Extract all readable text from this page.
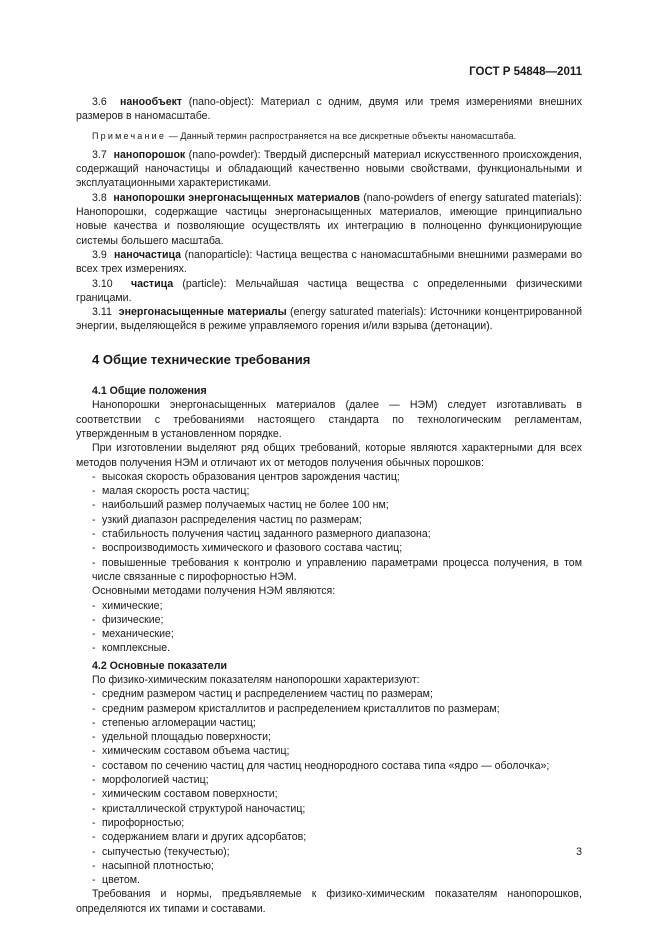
ГОСТ Р 54848—2011

3.6 нанообъект (nano-object): Материал с одним, двумя или тремя измерениями внешних размеров в наномасштабе.

Примечание — Данный термин распространяется на все дискретные объекты наномасштаба.

3.7 нанопорошок (nano-powder): Твердый дисперсный материал искусственного происхождения, содержащий наночастицы и обладающий качественно новыми свойствами, функциональными и эксплуатационными характеристиками.

3.8 нанопорошки энергонасыщенных материалов (nano-powders of energy saturated materials): Нанопорошки, содержащие частицы энергонасыщенных материалов, имеющие принципиально новые качества и позволяющие осуществлять их интеграцию в полноценно функционирующие системы большего масштаба.

3.9 наночастица (nanoparticle): Частица вещества с наномасштабными внешними размерами во всех трех измерениях.

3.10 частица (particle): Мельчайшая частица вещества с определенными физическими границами.

3.11 энергонасыщенные материалы (energy saturated materials): Источники концентрированной энергии, выделяющейся в режиме управляемого горения и/или взрыва (детонации).

4 Общие технические требования
4.1 Общие положения

Нанопорошки энергонасыщенных материалов (далее — НЭМ) следует изготавливать в соответствии с требованиями настоящего стандарта по технологическим регламентам, утвержденным в установленном порядке.

При изготовлении выделяют ряд общих требований, которые являются характерными для всех методов получения НЭМ и отличают их от методов получения обычных порошков:

- высокая скорость образования центров зарождения частиц;
- малая скорость роста частиц;
- наибольший размер получаемых частиц не более 100 нм;
- узкий диапазон распределения частиц по размерам;
- стабильность получения частиц заданного размерного диапазона;
- воспроизводимость химического и фазового состава частиц;
- повышенные требования к контролю и управлению параметрами процесса получения, в том числе связанные с пирофорностью НЭМ.

Основными методами получения НЭМ являются:

- химические;
- физические;
- механические;
- комплексные.
4.2 Основные показатели

По физико-химическим показателям нанопорошки характеризуют:

- средним размером частиц и распределением частиц по размерам;
- средним размером кристаллитов и распределением кристаллитов по размерам;
- степенью агломерации частиц;
- удельной площадью поверхности;
- химическим составом объема частиц;
- составом по сечению частиц для частиц неоднородного состава типа «ядро — оболочка»;
- морфологией частиц;
- химическим составом поверхности;
- кристаллической структурой наночастиц;
- пирофорностью;
- содержанием влаги и других адсорбатов;
- сыпучестью (текучестью);
- насыпной плотностью;
- цветом.

Требования и нормы, предъявляемые к физико-химическим показателям нанопорошков, определяются их типами и составами.

3
